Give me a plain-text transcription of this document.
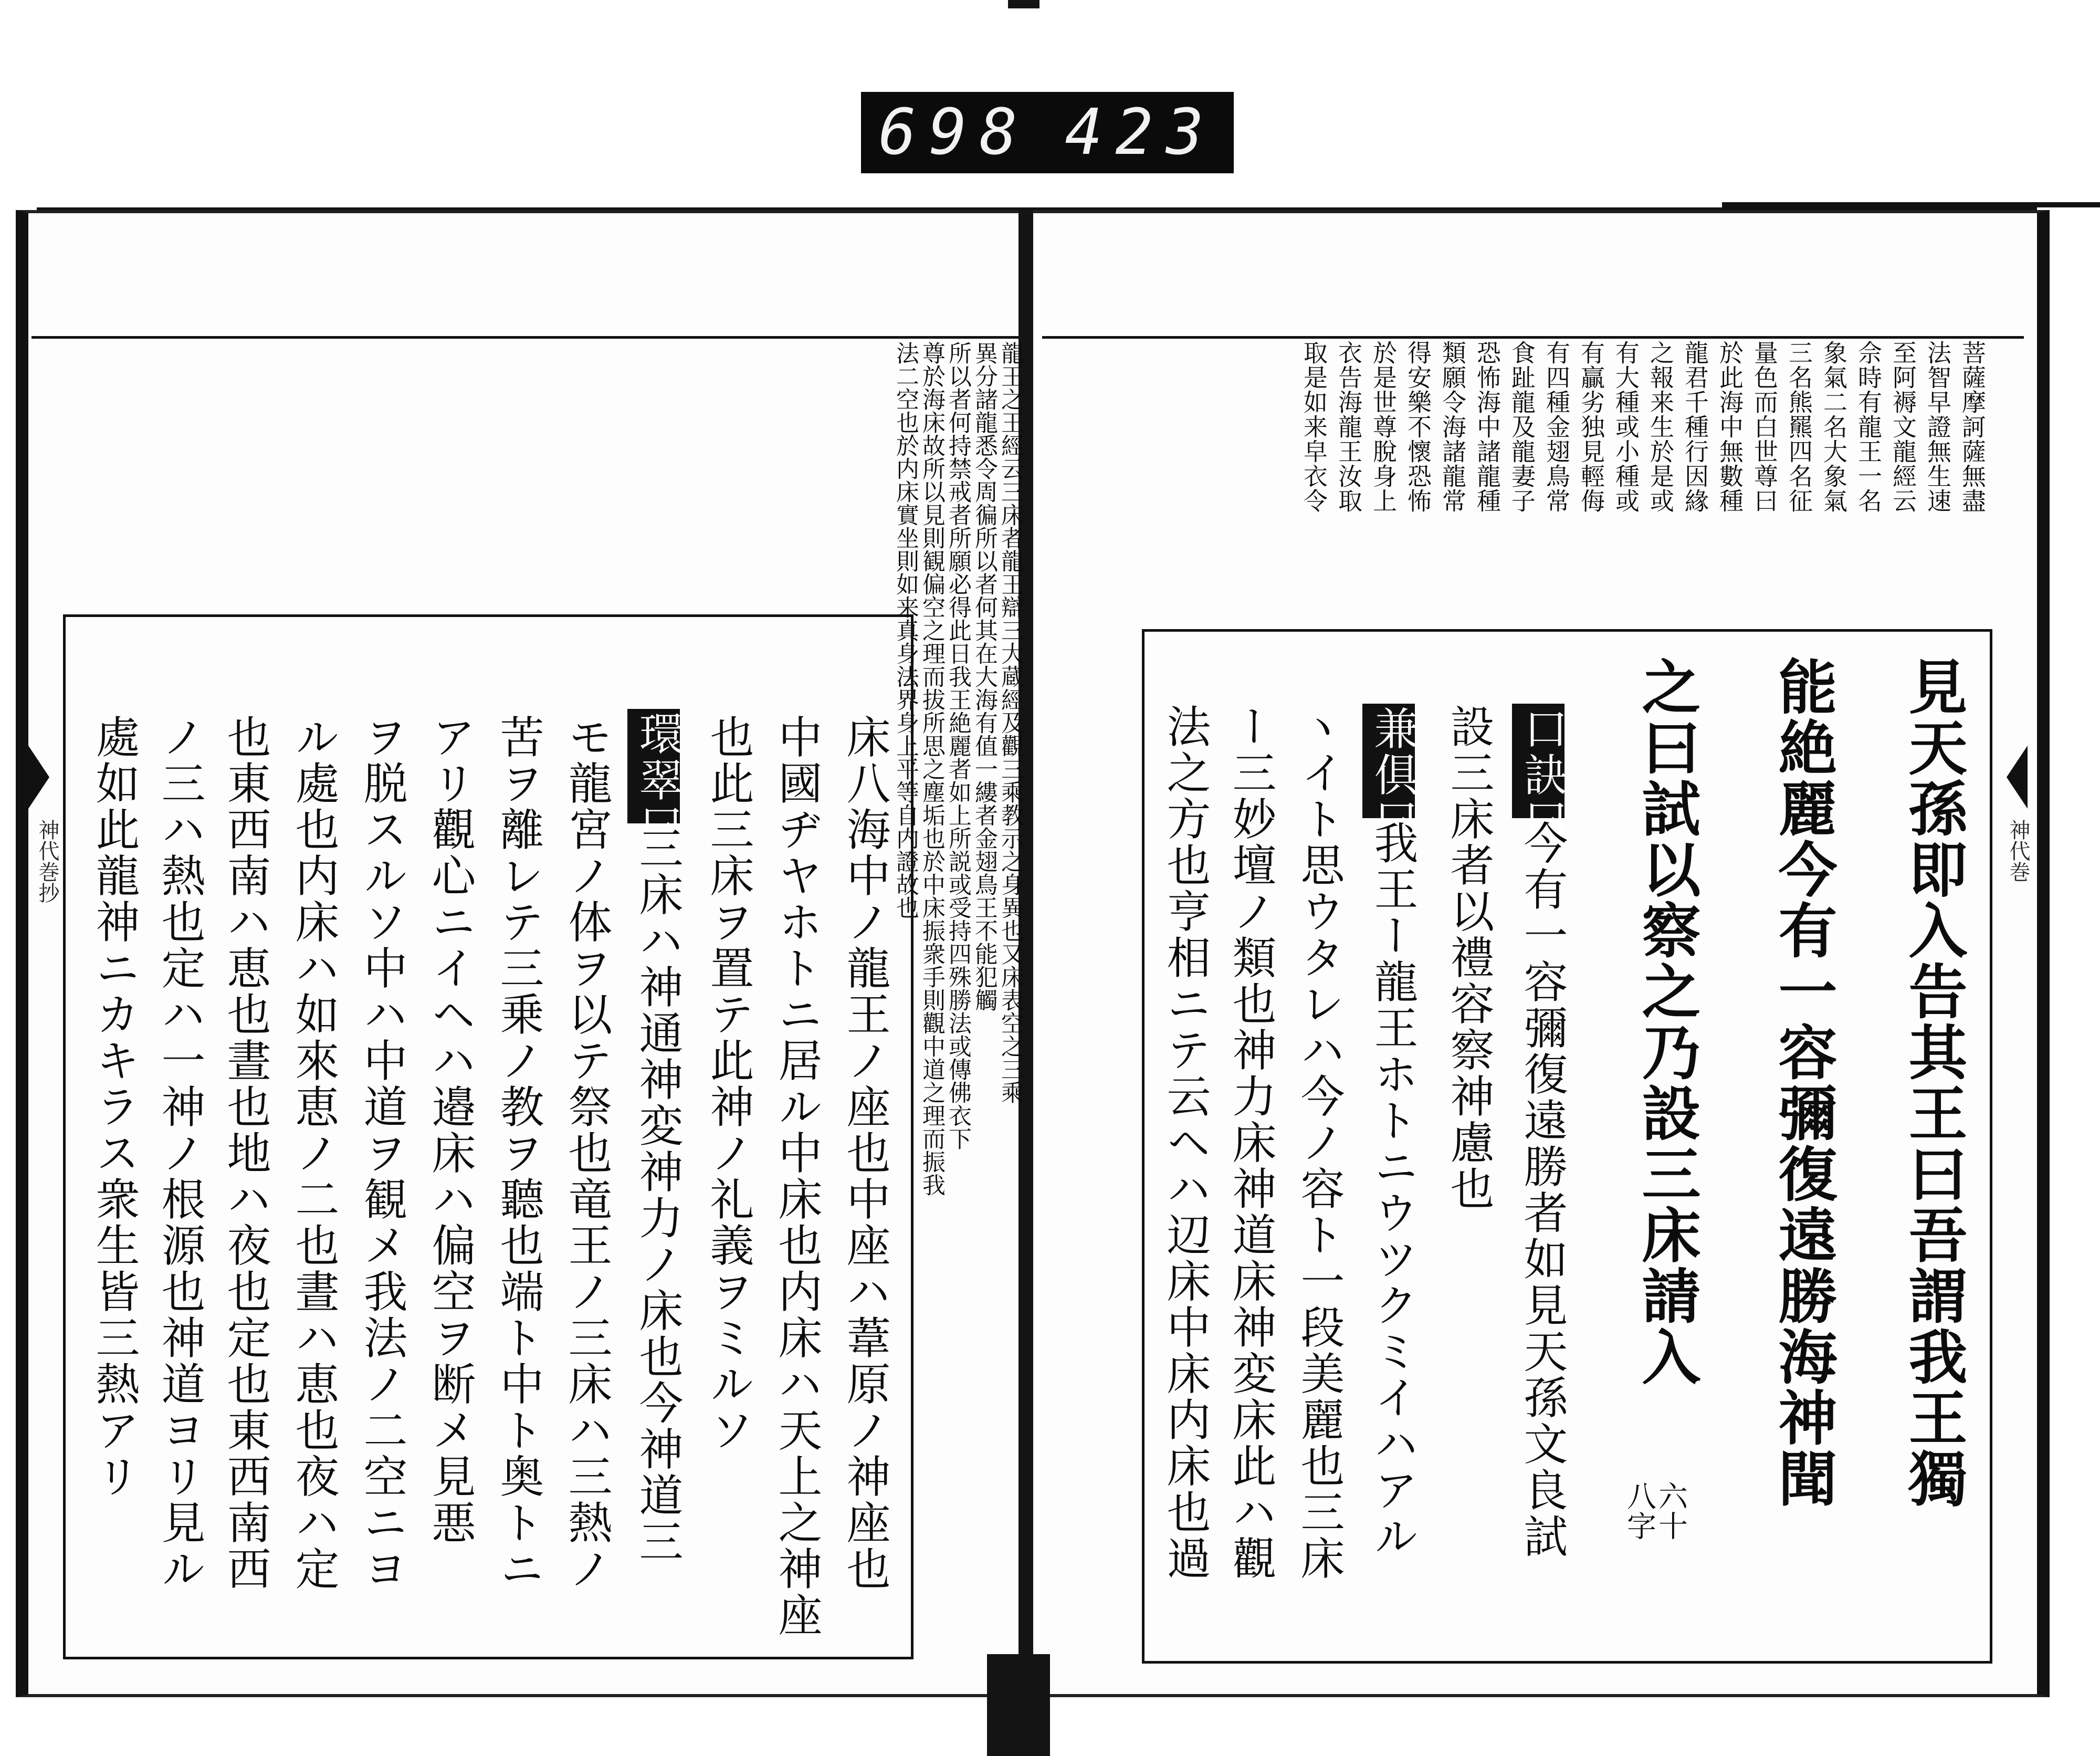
698 423
神代巻抄	神代巻
菩薩摩訶薩無盡
法智早證無生速
至阿褥文龍經云
佘時有龍王一名
象氣二名大象氣
三名熊羆四名征
量色而白世尊曰
於此海中無數種
龍君千種行因緣
之報来生於是或
有大種或小種或
有贏劣独見輕侮
有四種金翅鳥常
食趾龍及龍妻子
恐怖海中諸龍種
類願令海諸龍常
得安樂不懷恐怖
於是世尊脫身上
衣告海龍王汝取
取是如来皁衣令
見天孫即入告其王曰吾謂我王獨
能絶麗今有一容彌復遠勝海神聞
之曰試以察之乃設三床請入
六十
八字
口訣曰
今有一容彌復遠勝者如見天孫文良試
設三床者以禮容察神慮也
兼俱曰
我王ー龍王ホトニウツクミイハアル
ヽイト思ウタレハ今ノ容ト一段美麗也三床
ー三妙壇ノ類也神力床神道床神変床此ハ觀
法之方也亨相ニテ云ヘハ辺床中床内床也過
龍王之王經云三床者龍王辯三大蔵經及觀三乘教示之身異也又床表空之三乘
異分諸龍悉令周徧所以者何其在大海有值一縷者金翅鳥王不能犯觸
所以者何持禁戒者所願必得此日我王絶麗者如上所説或受持四殊勝法或傳佛衣下
尊於海床故所以見則観偏空之理而拔所思之塵垢也於中床振衆手則觀中道之理而振我
法二空也於内床實坐則如来真身法界身上平等自内證故也
床八海中ノ龍王ノ座也中座ハ葦原ノ神座也
中國ヂヤホトニ居ル中床也内床ハ天上之神座
也此三床ヲ置テ此神ノ礼義ヲミルソ
環翠曰
三床ハ神通神変神力ノ床也今神道三
モ龍宮ノ体ヲ以テ祭也竜王ノ三床ハ三熱ノ
苦ヲ離レテ三乗ノ教ヲ聽也端ト中ト奥トニ
アリ觀心ニイヘハ邉床ハ偏空ヲ断メ見悪
ヲ脱スルソ中ハ中道ヲ観メ我法ノ二空ニヨ
ル處也内床ハ如來恵ノ二也晝ハ恵也夜ハ定
也東西南ハ恵也晝也地ハ夜也定也東西南西
ノ三ハ熱也定ハ一神ノ根源也神道ヨリ見ル
處如此龍神ニカキラス衆生皆三熱アリ
